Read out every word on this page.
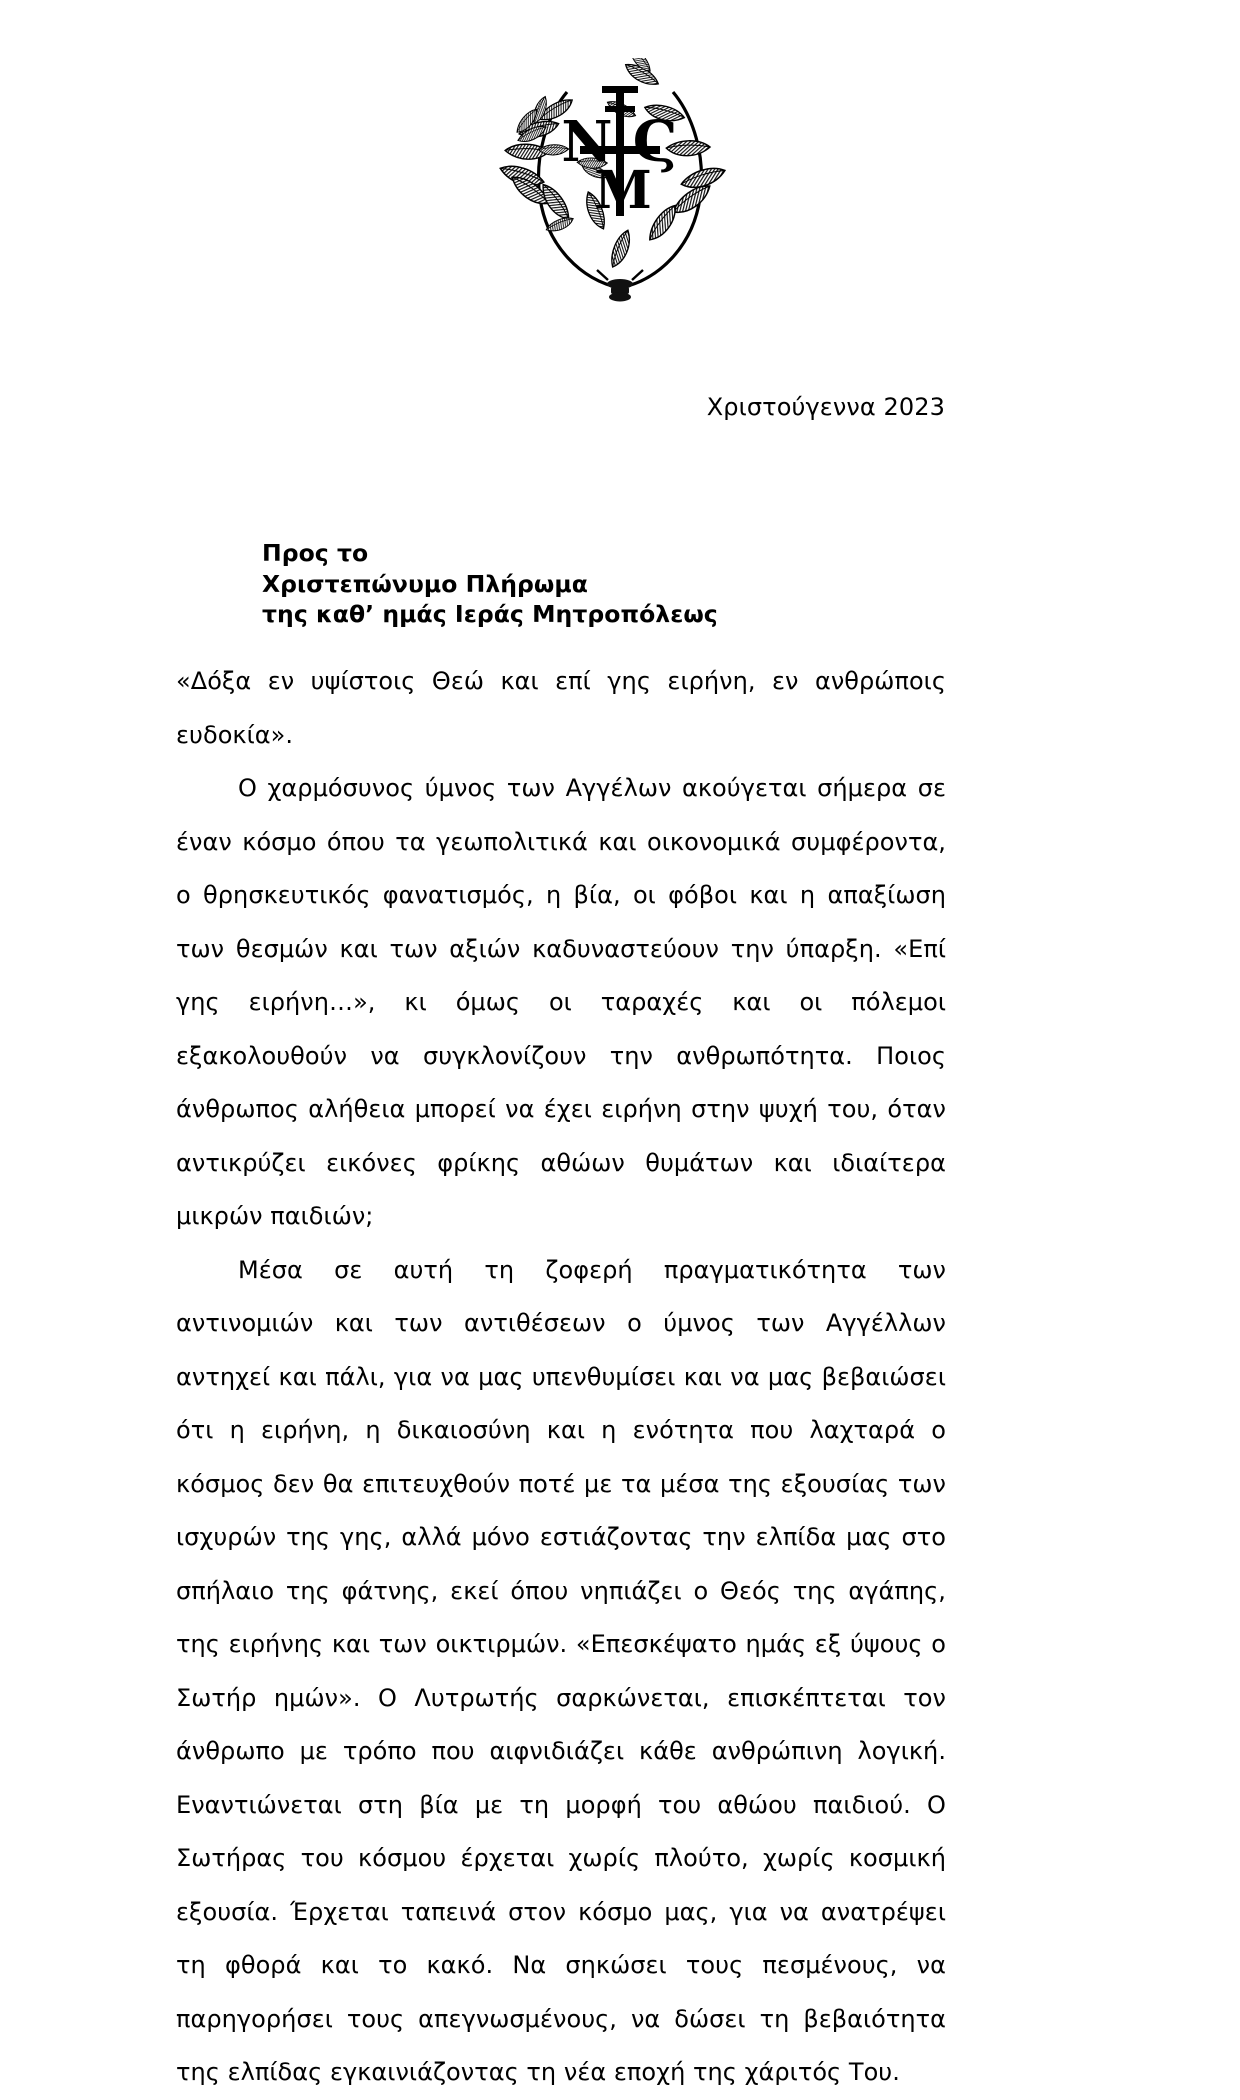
Ν Ϛ
Μ
Χριστούγεννα 2023
Προς το
Χριστεπώνυμο Πλήρωμα
της καθ’ ημάς Ιεράς Μητροπόλεως

«Δόξα εν υψίστοις Θεώ και επί γης ειρήνη, εν ανθρώποις ευδοκία».

Ο χαρμόσυνος ύμνος των Αγγέλων ακούγεται σήμερα σε έναν κόσμο όπου τα γεωπολιτικά και οικονομικά συμφέροντα, ο θρησκευτικός φανατισμός, η βία, οι φόβοι και η απαξίωση των θεσμών και των αξιών καδυναστεύουν την ύπαρξη. «Επί γης ειρήνη…», κι όμως οι ταραχές και οι πόλεμοι εξακολουθούν να συγκλονίζουν την ανθρωπότητα. Ποιος άνθρωπος αλήθεια μπορεί να έχει ειρήνη στην ψυχή του, όταν αντικρύζει εικόνες φρίκης αθώων θυμάτων και ιδιαίτερα μικρών παιδιών;

Μέσα σε αυτή τη ζοφερή πραγματικότητα των αντινομιών και των αντιθέσεων ο ύμνος των Αγγέλλων αντηχεί και πάλι, για να μας υπενθυμίσει και να μας βεβαιώσει ότι η ειρήνη, η δικαιοσύνη και η ενότητα που λαχταρά ο κόσμος δεν θα επιτευχθούν ποτέ με τα μέσα της εξουσίας των ισχυρών της γης, αλλά μόνο εστιάζοντας την ελπίδα μας στο σπήλαιο της φάτνης, εκεί όπου νηπιάζει ο Θεός της αγάπης, της ειρήνης και των οικτιρμών. «Επεσκέψατο ημάς εξ ύψους ο Σωτήρ ημών». Ο Λυτρωτής σαρκώνεται, επισκέπτεται τον άνθρωπο με τρόπο που αιφνιδιάζει κάθε ανθρώπινη λογική. Εναντιώνεται στη βία με τη μορφή του αθώου παιδιού. Ο Σωτήρας του κόσμου έρχεται χωρίς πλούτο, χωρίς κοσμική εξουσία. Έρχεται ταπεινά στον κόσμο μας, για να ανατρέψει τη φθορά και το κακό. Να σηκώσει τους πεσμένους, να παρηγορήσει τους απεγνωσμένους, να δώσει τη βεβαιότητα της ελπίδας εγκαινιάζοντας τη νέα εποχή της χάριτός Του.
